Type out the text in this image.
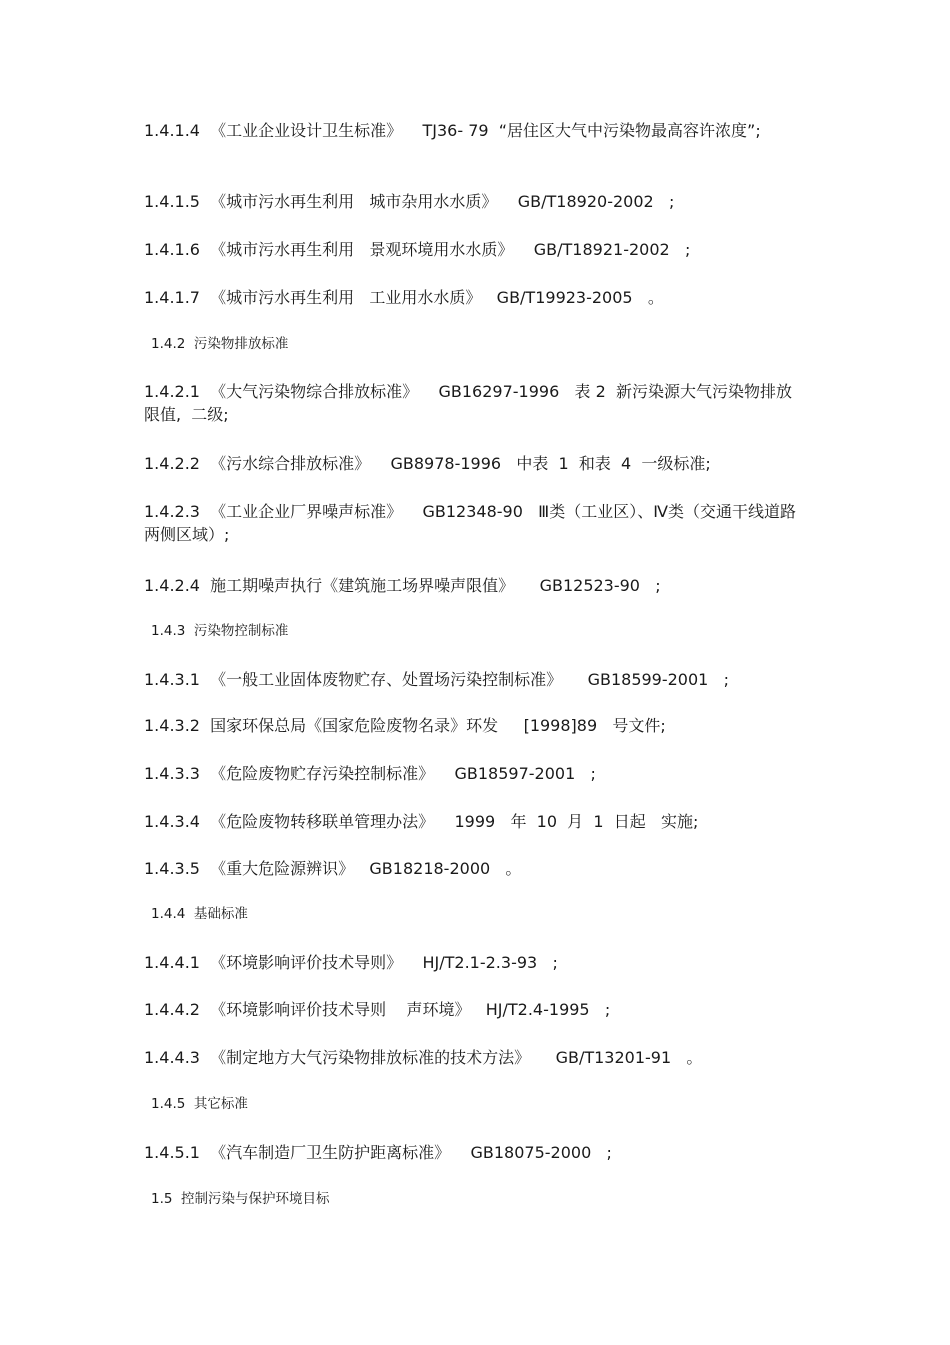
1.4.1.4  《工业企业设计卫生标准》    TJ36- 79  “居住区大气中污染物最高容许浓度”;

1.4.1.5  《城市污水再生利用   城市杂用水水质》    GB/T18920-2002   ;

1.4.1.6  《城市污水再生利用   景观环境用水水质》    GB/T18921-2002   ;

1.4.1.7  《城市污水再生利用   工业用水水质》   GB/T19923-2005   。

1.4.2  污染物排放标准

1.4.2.1  《大气污染物综合排放标准》    GB16297-1996   表 2  新污染源大气污染物排放限值,  二级;

1.4.2.2  《污水综合排放标准》    GB8978-1996   中表  1  和表  4  一级标准;

1.4.2.3  《工业企业厂界噪声标准》    GB12348-90   Ⅲ类（工业区）、Ⅳ类（交通干线道路两侧区域）;

1.4.2.4  施工期噪声执行《建筑施工场界噪声限值》     GB12523-90   ;

1.4.3  污染物控制标准

1.4.3.1  《一般工业固体废物贮存、处置场污染控制标准》     GB18599-2001   ;

1.4.3.2  国家环保总局《国家危险废物名录》环发     [1998]89   号文件;

1.4.3.3  《危险废物贮存污染控制标准》    GB18597-2001   ;

1.4.3.4  《危险废物转移联单管理办法》    1999   年  10  月  1  日起   实施;

1.4.3.5  《重大危险源辨识》   GB18218-2000   。

1.4.4  基础标准

1.4.4.1  《环境影响评价技术导则》    HJ/T2.1-2.3-93   ;

1.4.4.2  《环境影响评价技术导则    声环境》   HJ/T2.4-1995   ;

1.4.4.3  《制定地方大气污染物排放标准的技术方法》     GB/T13201-91   。

1.4.5  其它标准

1.4.5.1  《汽车制造厂卫生防护距离标准》    GB18075-2000   ;

1.5  控制污染与保护环境目标
